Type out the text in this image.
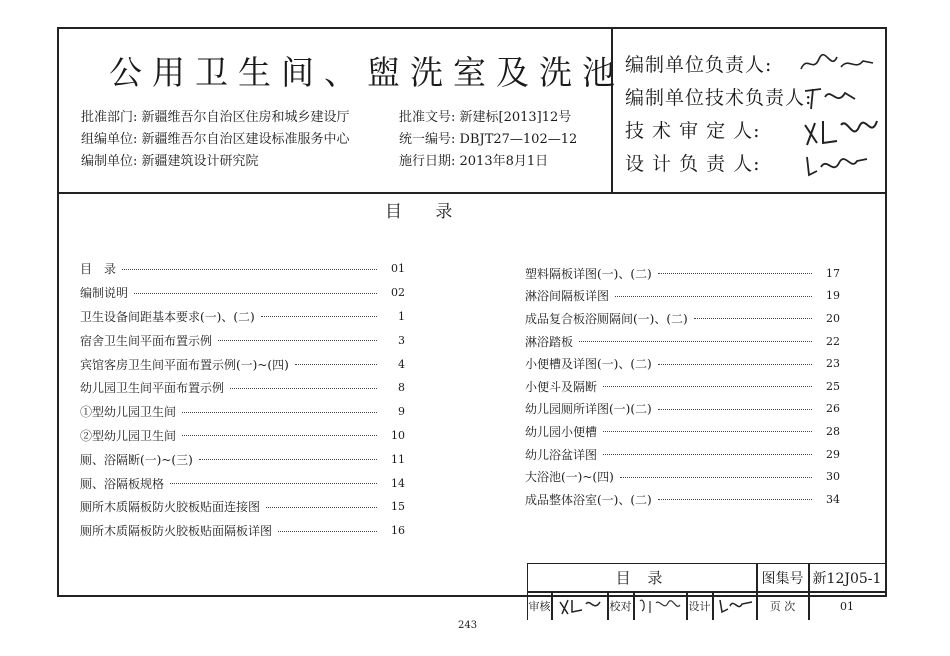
公用卫生间、盥洗室及洗池
批准部门: 新疆维吾尔自治区住房和城乡建设厅
组编单位: 新疆维吾尔自治区建设标准服务中心
编制单位: 新疆建筑设计研究院
批准文号: 新建标[2013]12号
统一编号: DBJT27—102—12
施行日期: 2013年8月1日
编制单位负责人:
编制单位技术负责人:
技 术 审 定 人:
设 计 负 责 人:
目 录
目　录	01
编制说明	02
卫生设备间距基本要求(一)、(二)	1
宿舍卫生间平面布置示例	3
宾馆客房卫生间平面布置示例(一)~(四)	4
幼儿园卫生间平面布置示例	8
①型幼儿园卫生间	9
②型幼儿园卫生间	10
厕、浴隔断(一)~(三)	11
厕、浴隔板规格	14
厕所木质隔板防火胶板贴面连接图	15
厕所木质隔板防火胶板贴面隔板详图	16
塑料隔板详图(一)、(二)	17
淋浴间隔板详图	19
成品复合板浴厕隔间(一)、(二)	20
淋浴踏板	22
小便槽及详图(一)、(二)	23
小便斗及隔断	25
幼儿园厕所详图(一)(二)	26
幼儿园小便槽	28
幼儿浴盆详图	29
大浴池(一)~(四)	30
成品整体浴室(一)、(二)	34
目 录	图集号 新12J05-1
审核	校对	设计	页 次	01
243
